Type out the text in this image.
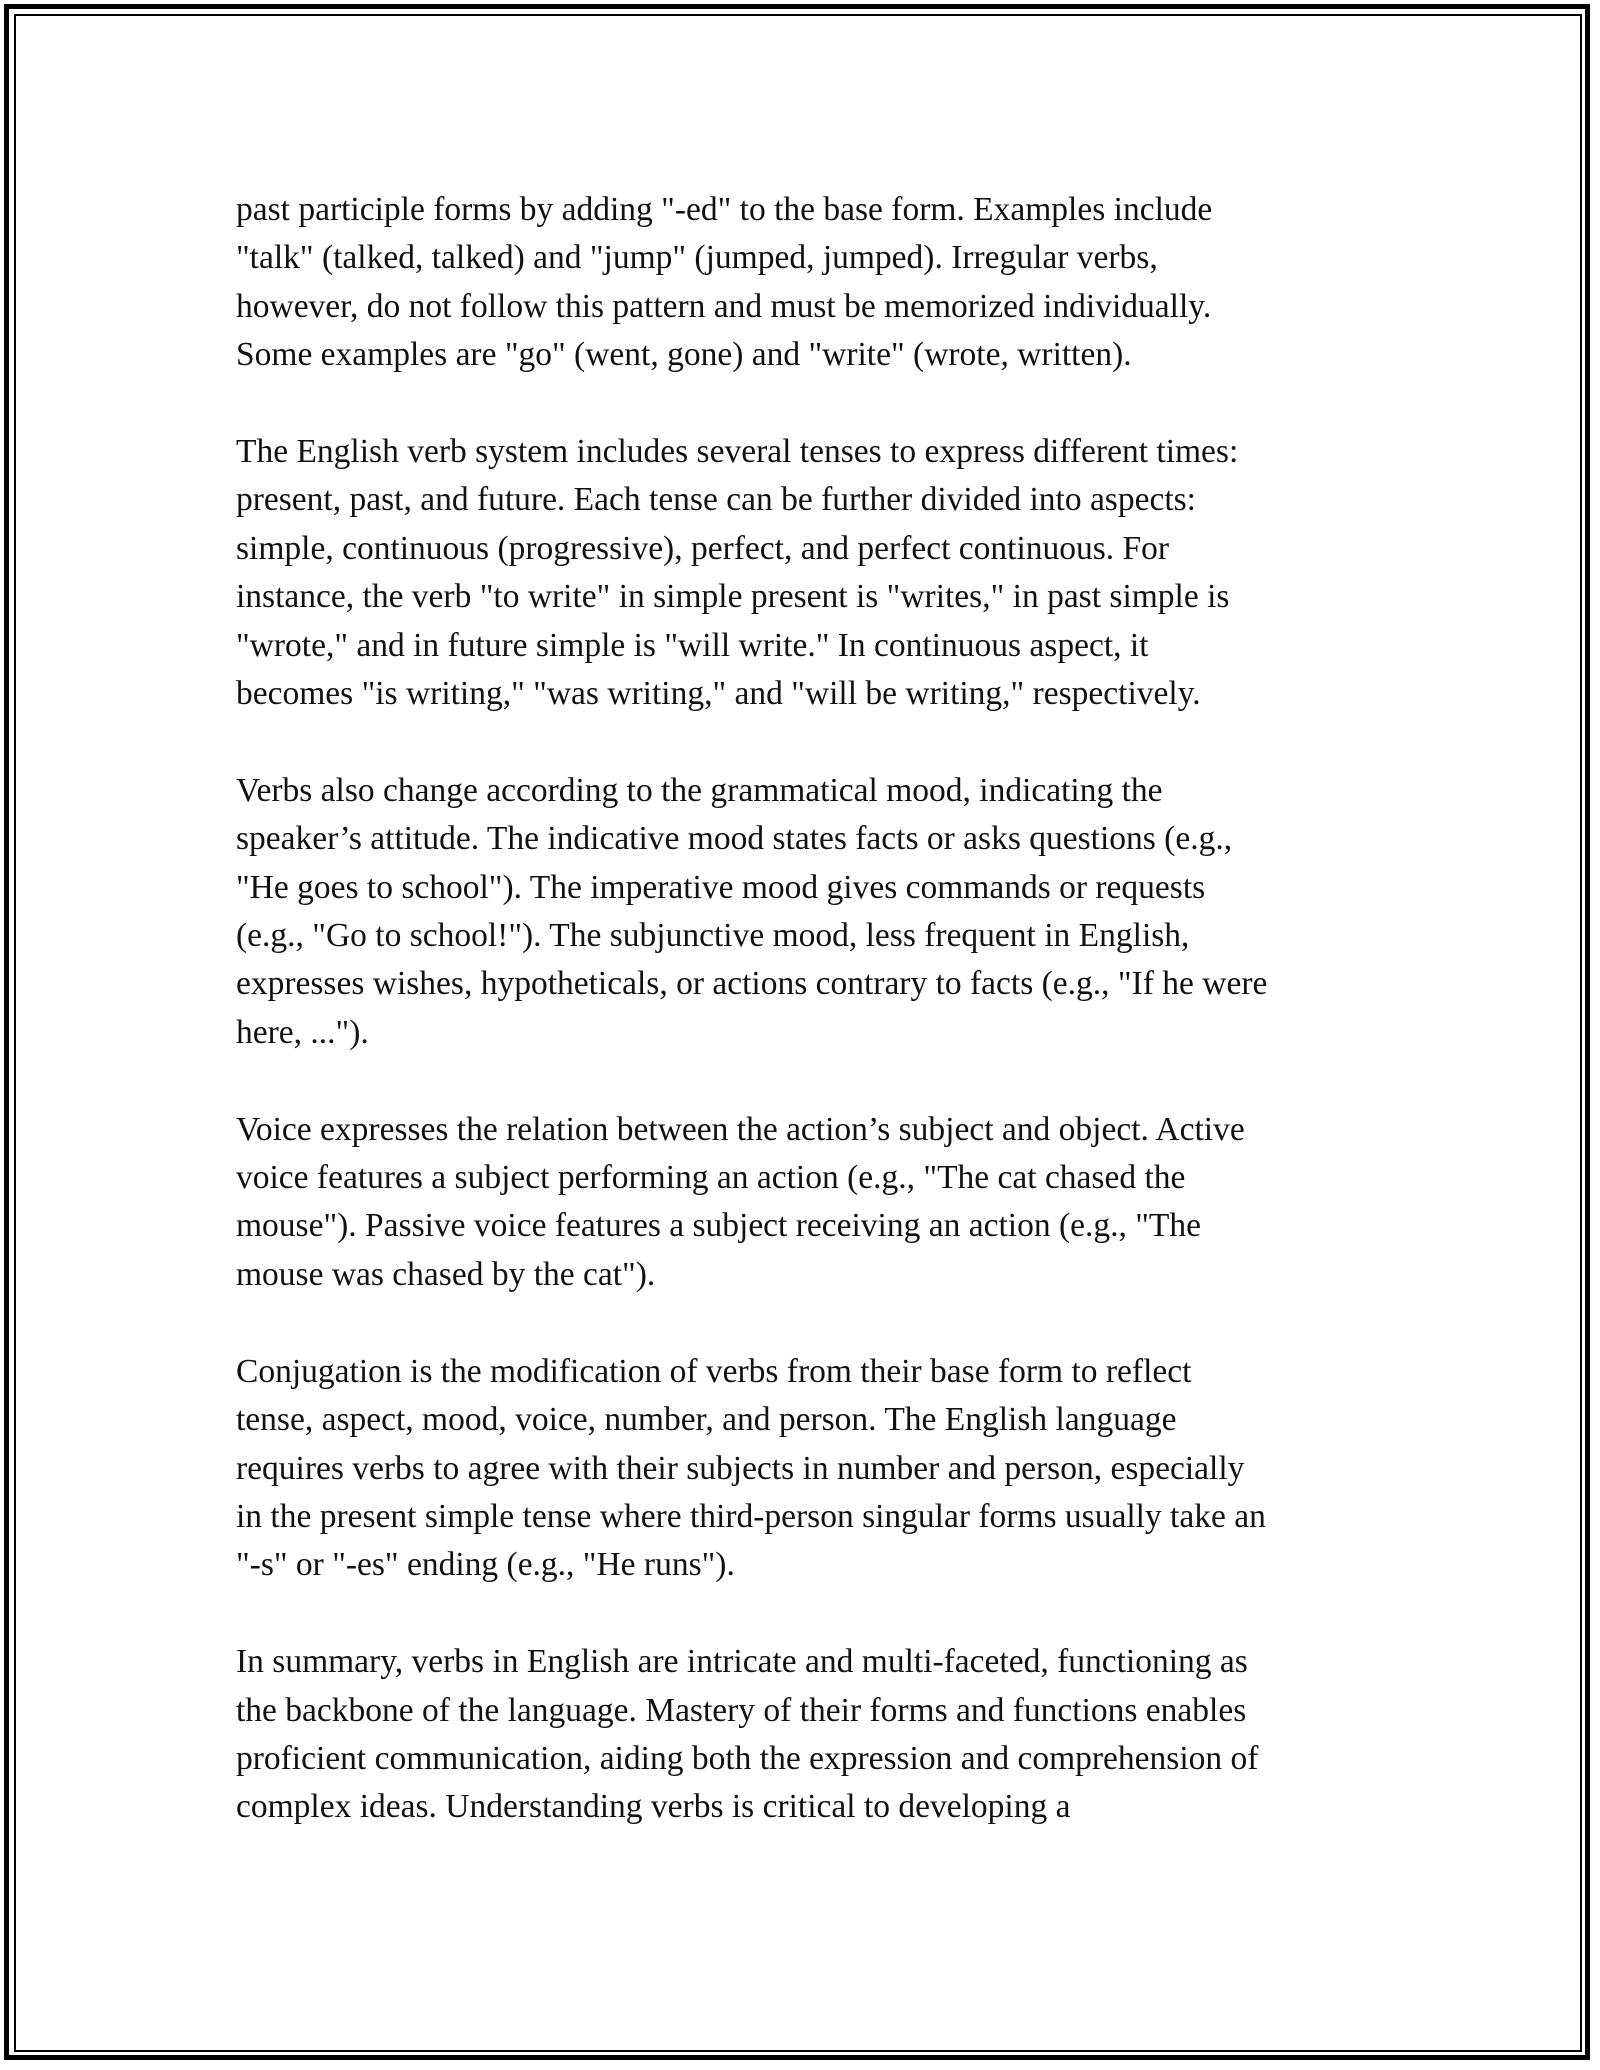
past participle forms by adding "-ed" to the base form. Examples include
"talk" (talked, talked) and "jump" (jumped, jumped). Irregular verbs,
however, do not follow this pattern and must be memorized individually.
Some examples are "go" (went, gone) and "write" (wrote, written).

The English verb system includes several tenses to express different times:
present, past, and future. Each tense can be further divided into aspects:
simple, continuous (progressive), perfect, and perfect continuous. For
instance, the verb "to write" in simple present is "writes," in past simple is
"wrote," and in future simple is "will write." In continuous aspect, it
becomes "is writing," "was writing," and "will be writing," respectively.

Verbs also change according to the grammatical mood, indicating the
speaker’s attitude. The indicative mood states facts or asks questions (e.g.,
"He goes to school"). The imperative mood gives commands or requests
(e.g., "Go to school!"). The subjunctive mood, less frequent in English,
expresses wishes, hypotheticals, or actions contrary to facts (e.g., "If he were
here, ...").

Voice expresses the relation between the action’s subject and object. Active
voice features a subject performing an action (e.g., "The cat chased the
mouse"). Passive voice features a subject receiving an action (e.g., "The
mouse was chased by the cat").

Conjugation is the modification of verbs from their base form to reflect
tense, aspect, mood, voice, number, and person. The English language
requires verbs to agree with their subjects in number and person, especially
in the present simple tense where third-person singular forms usually take an
"-s" or "-es" ending (e.g., "He runs").

In summary, verbs in English are intricate and multi-faceted, functioning as
the backbone of the language. Mastery of their forms and functions enables
proficient communication, aiding both the expression and comprehension of
complex ideas. Understanding verbs is critical to developing a
